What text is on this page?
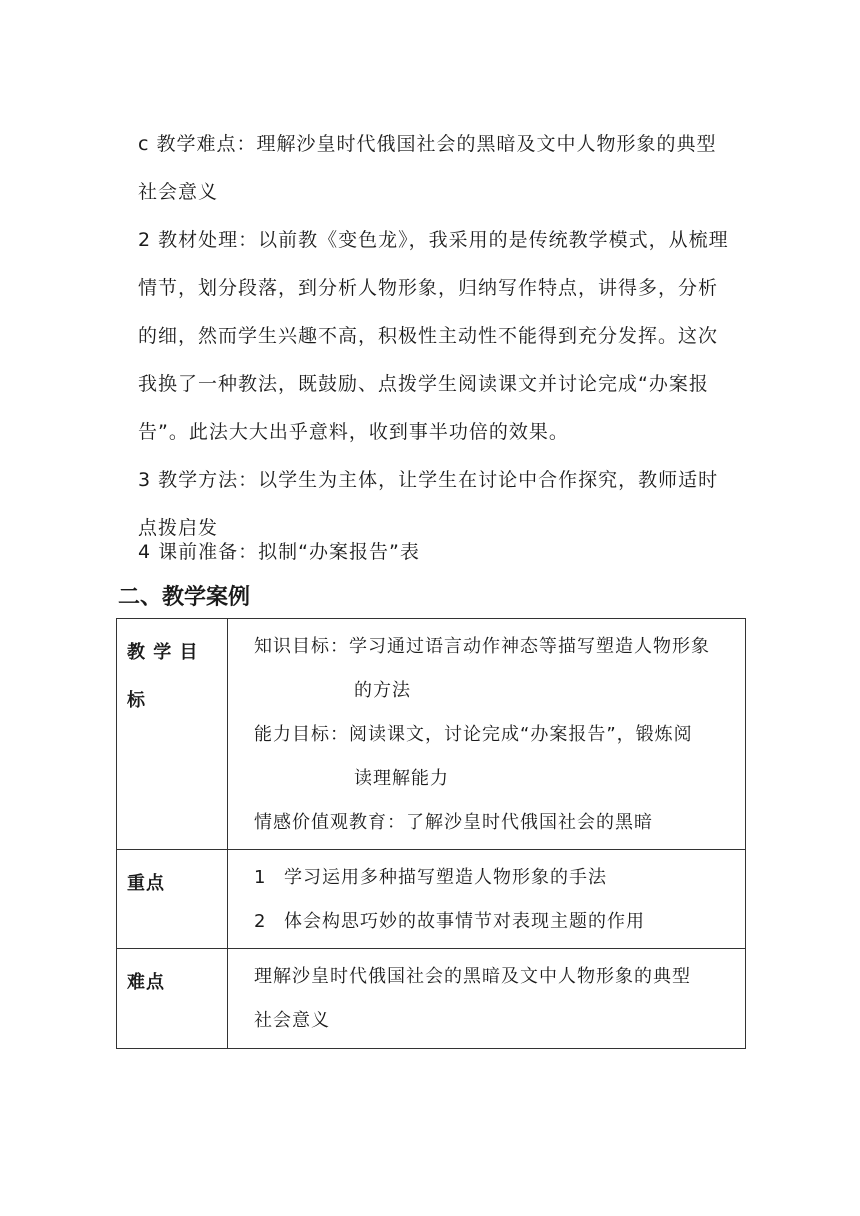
c 教学难点：理解沙皇时代俄国社会的黑暗及文中人物形象的典型
社会意义

2 教材处理：以前教《变色龙》，我采用的是传统教学模式，从梳理
情节，划分段落，到分析人物形象，归纳写作特点，讲得多，分析
的细，然而学生兴趣不高，积极性主动性不能得到充分发挥。这次
我换了一种教法，既鼓励、点拨学生阅读课文并讨论完成“办案报
告”。此法大大出乎意料，收到事半功倍的效果。

3 教学方法：以学生为主体，让学生在讨论中合作探究，教师适时
点拨启发

4 课前准备：拟制“办案报告”表

二、教学案例
教 学 目
标	知识目标：学习通过语言动作神态等描写塑造人物形象
的方法
能力目标：阅读课文，讨论完成“办案报告”，锻炼阅
读理解能力
情感价值观教育：了解沙皇时代俄国社会的黑暗

重点	1 学习运用多种描写塑造人物形象的手法
2 体会构思巧妙的故事情节对表现主题的作用

难点	理解沙皇时代俄国社会的黑暗及文中人物形象的典型
社会意义
